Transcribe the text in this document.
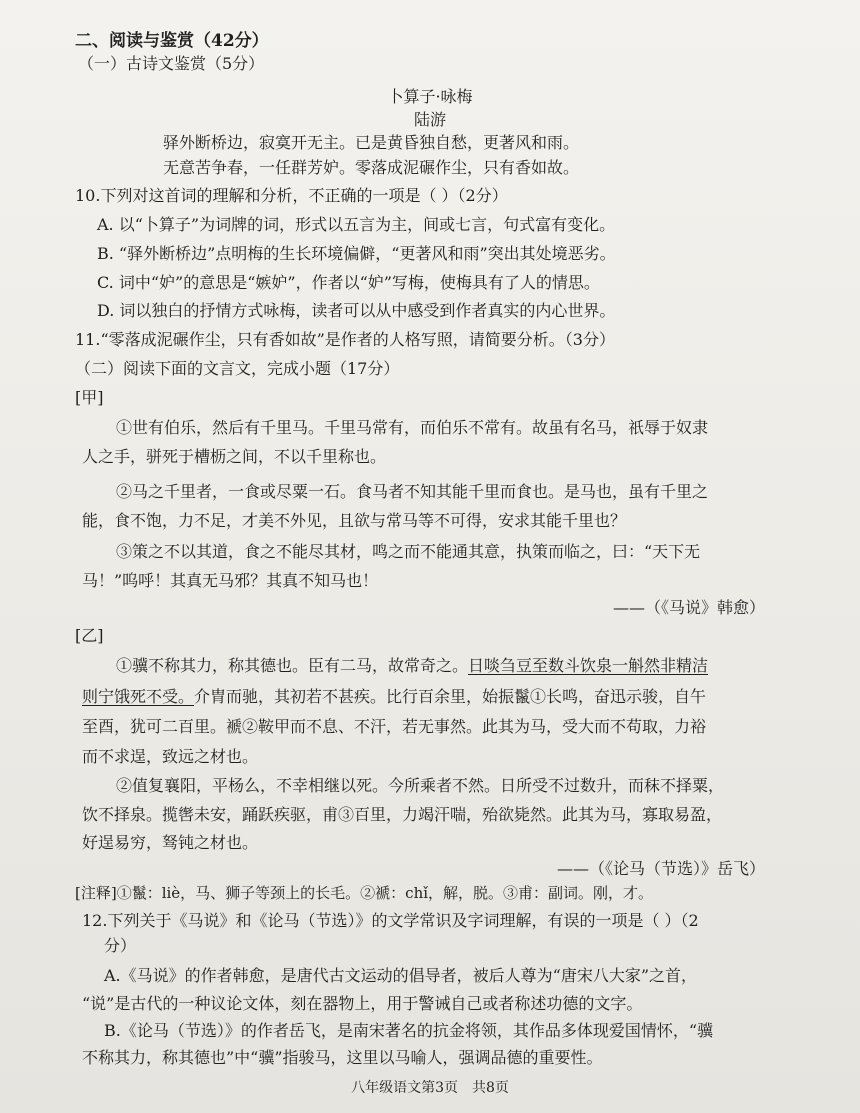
二、阅读与鉴赏（42分）
（一）古诗文鉴赏（5分）
卜算子·咏梅
陆游
驿外断桥边，寂寞开无主。已是黄昏独自愁，更著风和雨。
无意苦争春，一任群芳妒。零落成泥碾作尘，只有香如故。
10.下列对这首词的理解和分析，不正确的一项是（ ）（2分）
A. 以“卜算子”为词牌的词，形式以五言为主，间或七言，句式富有变化。
B. “驿外断桥边”点明梅的生长环境偏僻，“更著风和雨”突出其处境恶劣。
C. 词中“妒”的意思是“嫉妒”，作者以“妒”写梅，使梅具有了人的情思。
D. 词以独白的抒情方式咏梅，读者可以从中感受到作者真实的内心世界。
11.“零落成泥碾作尘，只有香如故”是作者的人格写照，请简要分析。（3分）
（二）阅读下面的文言文，完成小题（17分）
[甲]
①世有伯乐，然后有千里马。千里马常有，而伯乐不常有。故虽有名马，祇辱于奴隶
人之手，骈死于槽枥之间，不以千里称也。
②马之千里者，一食或尽粟一石。食马者不知其能千里而食也。是马也，虽有千里之
能，食不饱，力不足，才美不外见，且欲与常马等不可得，安求其能千里也？
③策之不以其道，食之不能尽其材，鸣之而不能通其意，执策而临之，曰：“天下无
马！”呜呼！其真无马邪？其真不知马也！
——（《马说》韩愈）
[乙]
①骥不称其力，称其德也。臣有二马，故常奇之。日啖刍豆至数斗饮泉一斛然非精洁
则宁饿死不受。介胄而驰，其初若不甚疾。比行百余里，始振鬣①长鸣，奋迅示骏，自午
至酉，犹可二百里。褫②鞍甲而不息、不汗，若无事然。此其为马，受大而不苟取，力裕
而不求逞，致远之材也。
②值复襄阳，平杨么，不幸相继以死。今所乘者不然。日所受不过数升，而秣不择粟，
饮不择泉。揽辔未安，踊跃疾驱，甫③百里，力竭汗喘，殆欲毙然。此其为马，寡取易盈，
好逞易穷，驽钝之材也。
——（《论马（节选）》岳飞）
[注释]①鬣：liè，马、狮子等颈上的长毛。②褫：chǐ，解，脱。③甫：副词。刚，才。
12.下列关于《马说》和《论马（节选）》的文学常识及字词理解，有误的一项是（ ）（2
分）
A.《马说》的作者韩愈，是唐代古文运动的倡导者，被后人尊为“唐宋八大家”之首，
“说”是古代的一种议论文体，刻在器物上，用于警诫自己或者称述功德的文字。
B.《论马（节选）》的作者岳飞，是南宋著名的抗金将领，其作品多体现爱国情怀，“骥
不称其力，称其德也”中“骥”指骏马，这里以马喻人，强调品德的重要性。
八年级语文第3页　共8页
